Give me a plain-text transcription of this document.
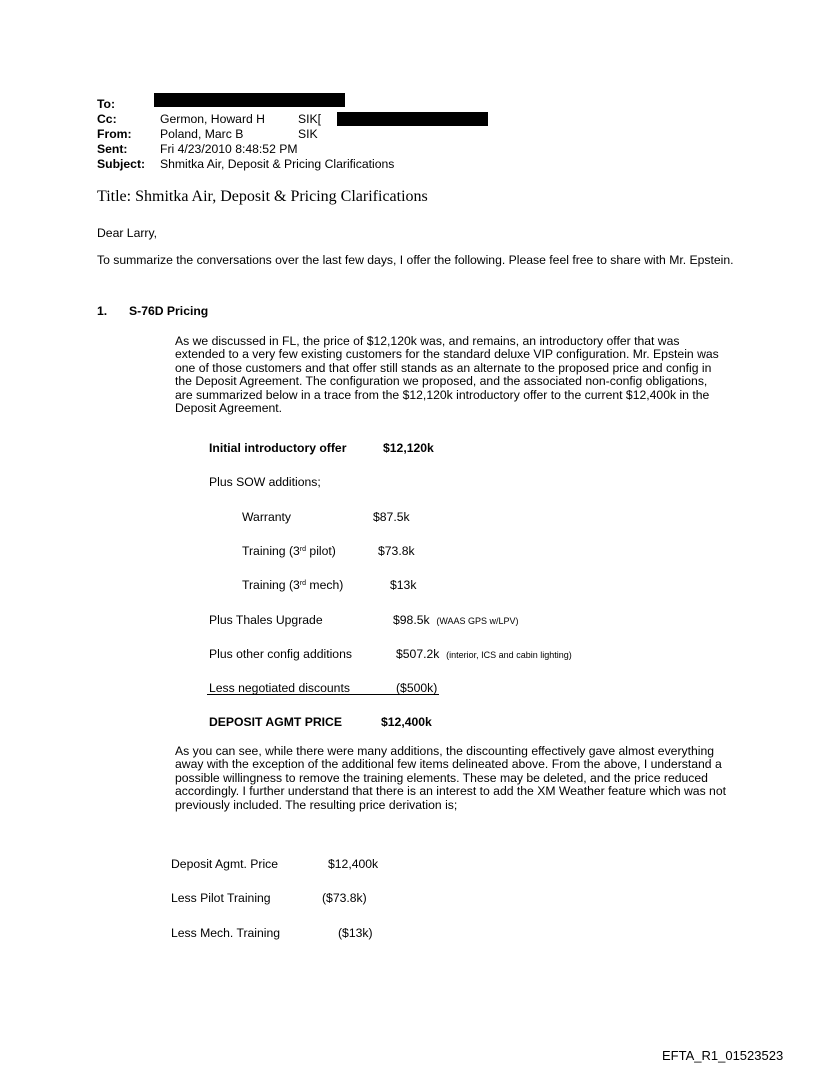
To:
Cc:	Germon, Howard H	SIK[
From: Poland, Marc B	SIK
Sent:	Fri 4/23/2010 8:48:52 PM
Subject: Shmitka Air, Deposit & Pricing Clarifications
Title: Shmitka Air, Deposit & Pricing Clarifications
Dear Larry,
To summarize the conversations over the last few days, I offer the following. Please feel free to share with Mr. Epstein.
1. S-76D Pricing
As we discussed in FL, the price of $12,120k was, and remains, an introductory offer that was extended to a very few existing customers for the standard deluxe VIP configuration. Mr. Epstein was one of those customers and that offer still stands as an alternate to the proposed price and config in the Deposit Agreement. The configuration we proposed, and the associated non-config obligations, are summarized below in a trace from the $12,120k introductory offer to the current $12,400k in the Deposit Agreement.
Initial introductory offer	$12,120k
Plus SOW additions;
Warranty	$87.5k
Training (3rd pilot)	$73.8k
Training (3rd mech)	$13k
Plus Thales Upgrade	$98.5k (WAAS GPS w/LPV)
Plus other config additions	$507.2k (interior, ICS and cabin lighting)
Less negotiated discounts	($500k)
DEPOSIT AGMT PRICE	$12,400k
As you can see, while there were many additions, the discounting effectively gave almost everything away with the exception of the additional few items delineated above. From the above, I understand a possible willingness to remove the training elements. These may be deleted, and the price reduced accordingly. I further understand that there is an interest to add the XM Weather feature which was not previously included. The resulting price derivation is;
Deposit Agmt. Price	$12,400k
Less Pilot Training	($73.8k)
Less Mech. Training	($13k)
EFTA_R1_01523523
